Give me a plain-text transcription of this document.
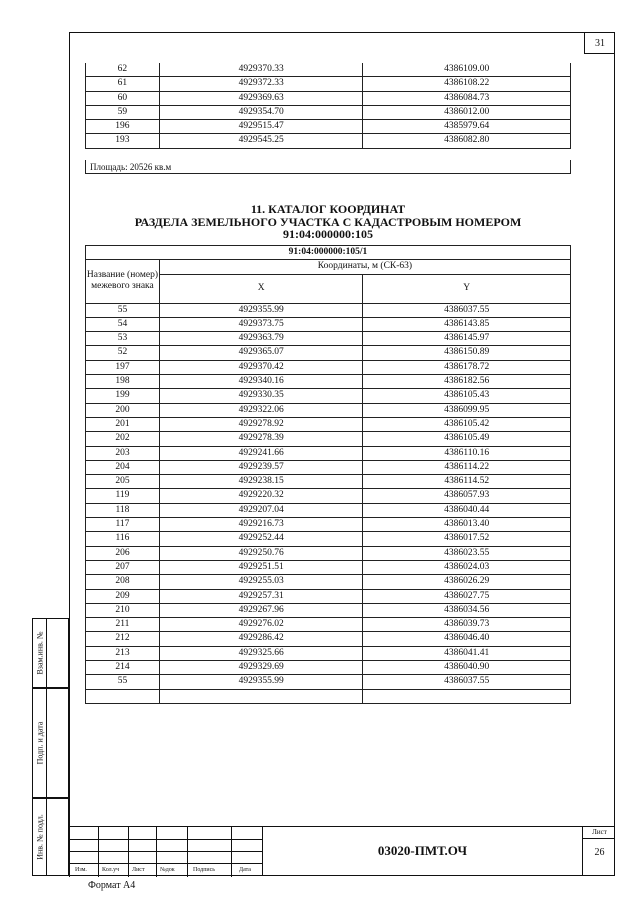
31
62	4929370.33	4386109.00
61	4929372.33	4386108.22
60	4929369.63	4386084.73
59	4929354.70	4386012.00
196	4929515.47	4385979.64
193	4929545.25	4386082.80
Площадь: 20526 кв.м
11. КАТАЛОГ КООРДИНАТ
РАЗДЕЛА ЗЕМЕЛЬНОГО УЧАСТКА С КАДАСТРОВЫМ НОМЕРОМ
91:04:000000:105
91:04:000000:105/1		
Название (номер) межевого знака	Координаты, м (СК-63)	
	X	Y
55	4929355.99	4386037.55
54	4929373.75	4386143.85
53	4929363.79	4386145.97
52	4929365.07	4386150.89
197	4929370.42	4386178.72
198	4929340.16	4386182.56
199	4929330.35	4386105.43
200	4929322.06	4386099.95
201	4929278.92	4386105.42
202	4929278.39	4386105.49
203	4929241.66	4386110.16
204	4929239.57	4386114.22
205	4929238.15	4386114.52
119	4929220.32	4386057.93
118	4929207.04	4386040.44
117	4929216.73	4386013.40
116	4929252.44	4386017.52
206	4929250.76	4386023.55
207	4929251.51	4386024.03
208	4929255.03	4386026.29
209	4929257.31	4386027.75
210	4929267.96	4386034.56
211	4929276.02	4386039.73
212	4929286.42	4386046.40
213	4929325.66	4386041.41
214	4929329.69	4386040.90
55	4929355.99	4386037.55

Взам.инв. №
Подп. и дата
Инв. № подл.
Изм.	Кол.уч Лист	№док	Подпись	Дата
03020-ПМТ.ОЧ
Лист
26
Формат А4
